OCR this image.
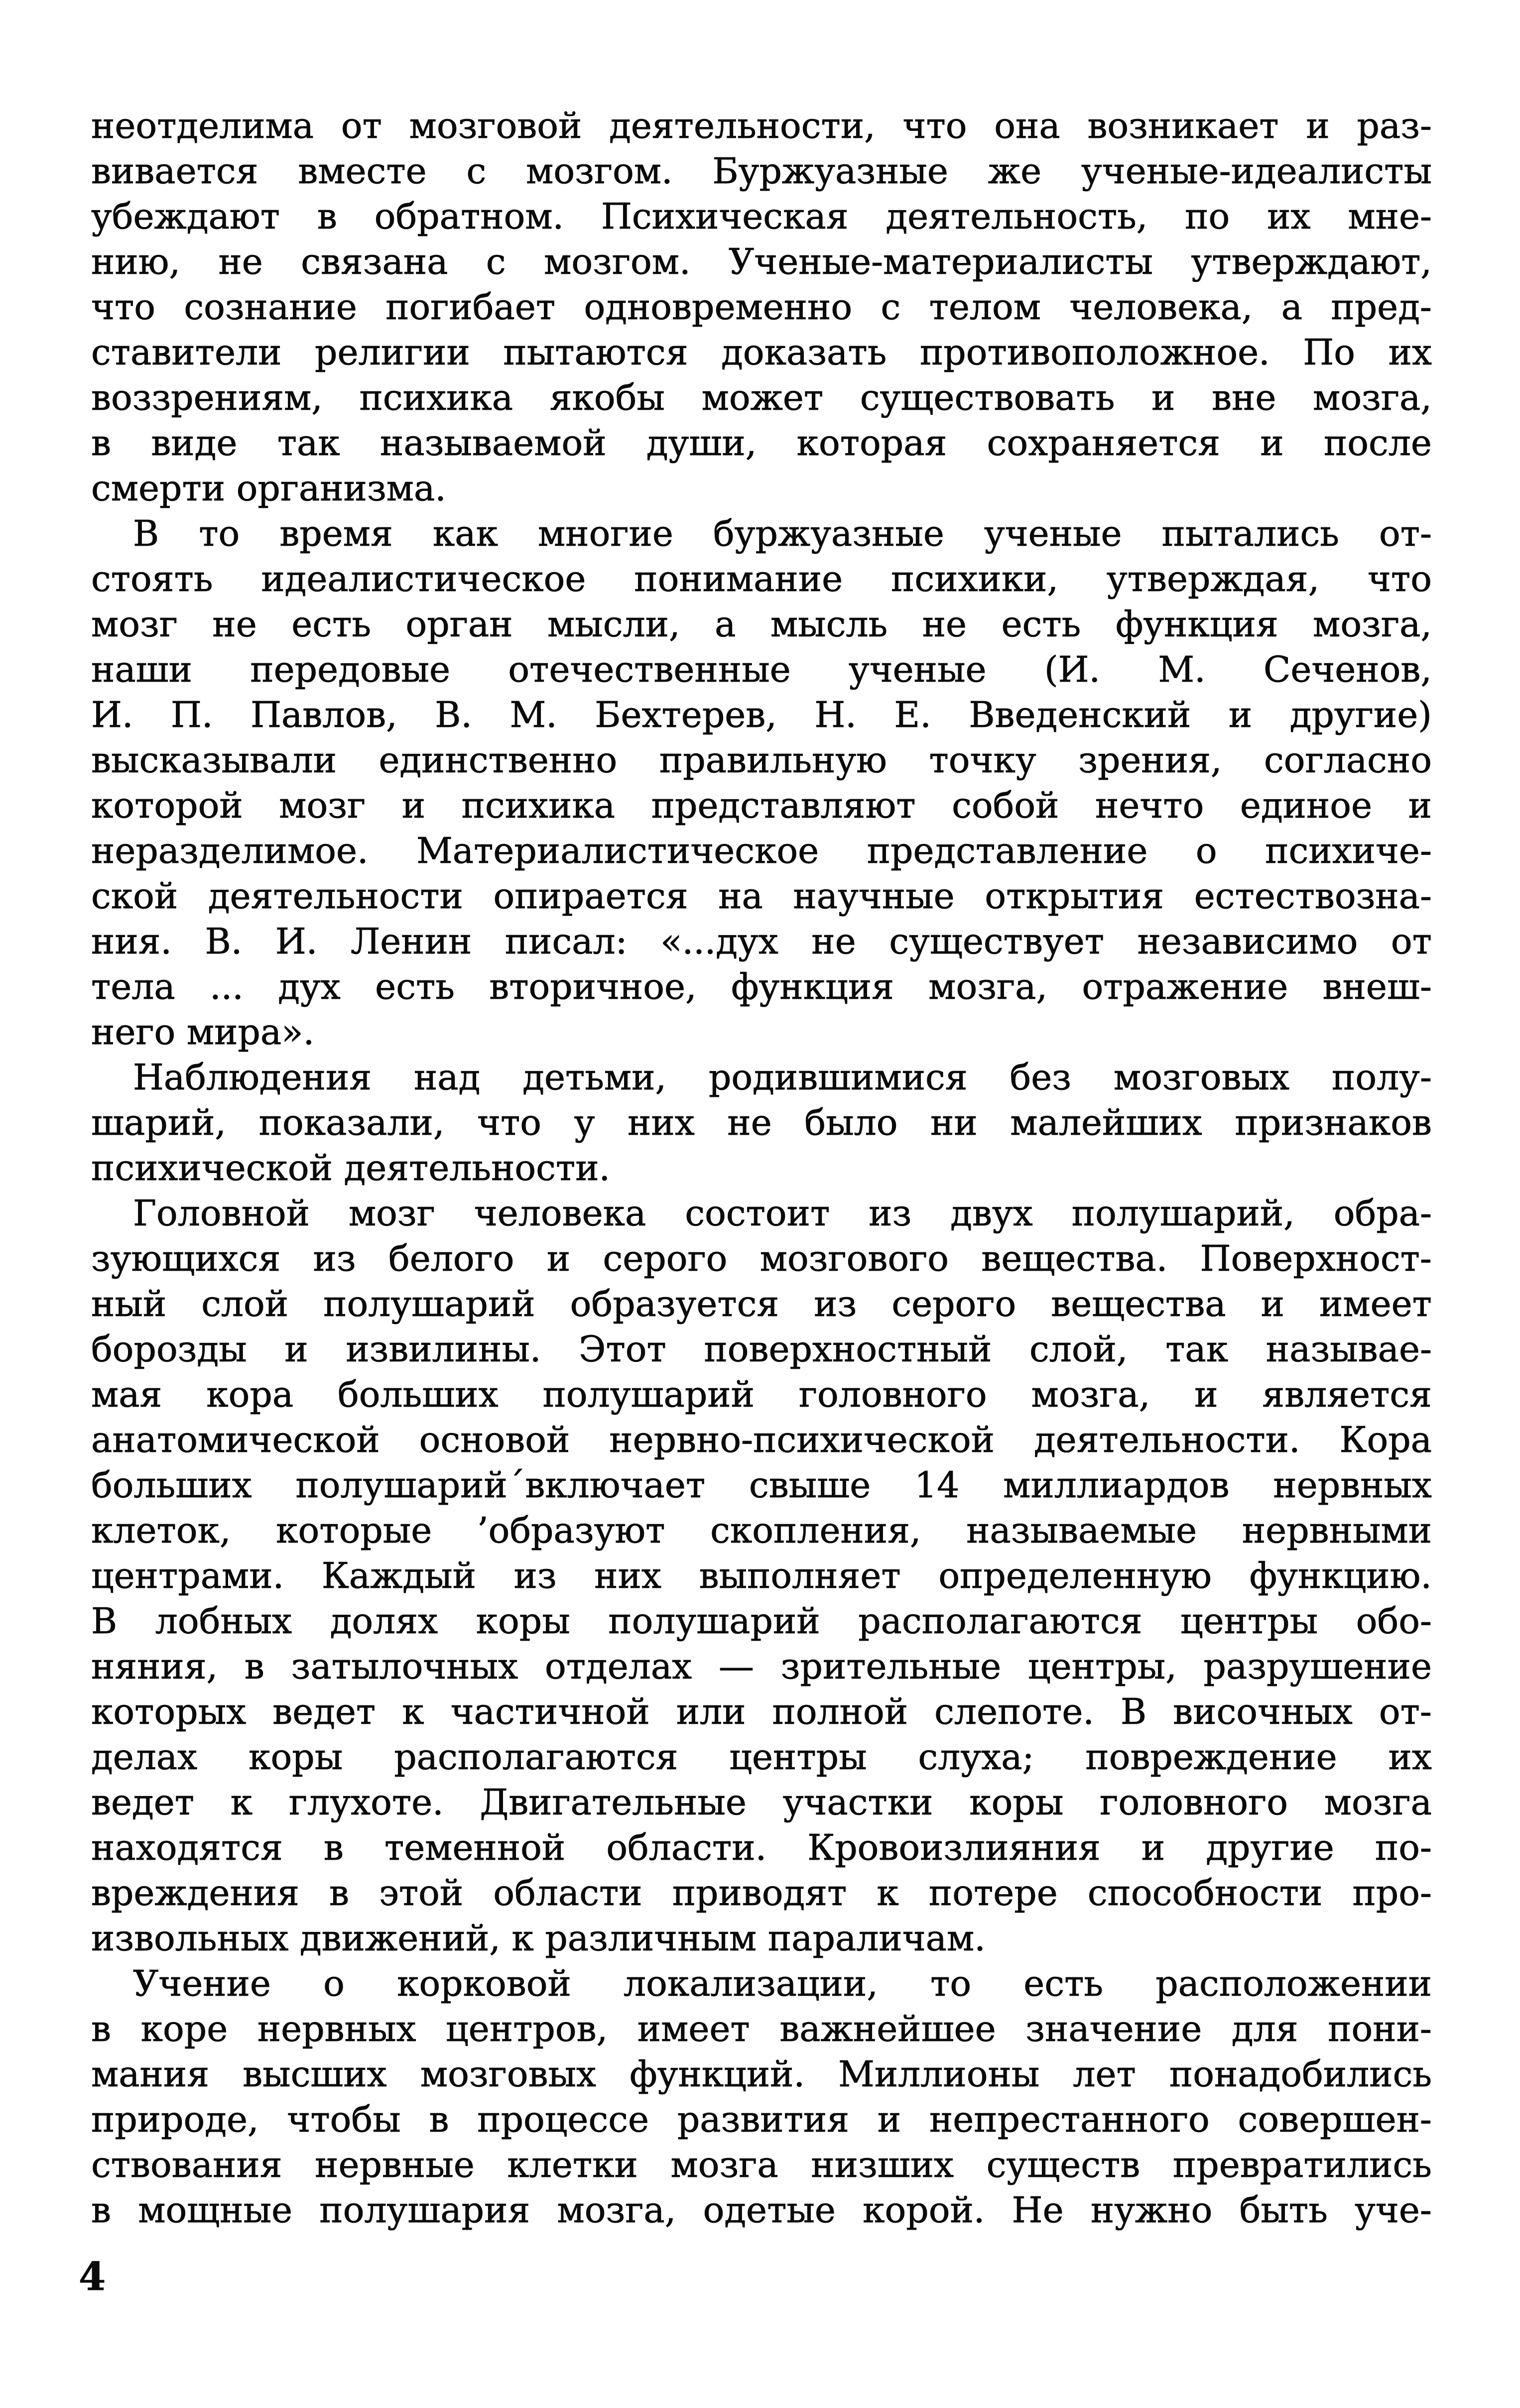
неотделима от мозговой деятельности, что она возникает и раз-
вивается вместе с мозгом. Буржуазные же ученые-идеалисты
убеждают в обратном. Психическая деятельность, по их мне-
нию, не связана с мозгом. Ученые-материалисты утверждают,
что сознание погибает одновременно с телом человека, а пред-
ставители религии пытаются доказать противоположное. По их
воззрениям, психика якобы может существовать и вне мозга,
в виде так называемой души, которая сохраняется и после
смерти организма.
В то время как многие буржуазные ученые пытались от-
стоять идеалистическое понимание психики, утверждая, что
мозг не есть орган мысли, а мысль не есть функция мозга,
наши передовые отечественные ученые (И. М. Сеченов,
И. П. Павлов, В. М. Бехтерев, Н. Е. Введенский и другие)
высказывали единственно правильную точку зрения, согласно
которой мозг и психика представляют собой нечто единое и
неразделимое. Материалистическое представление о психиче-
ской деятельности опирается на научные открытия естествозна-
ния. В. И. Ленин писал: «...дух не существует независимо от
тела ... дух есть вторичное, функция мозга, отражение внеш-
него мира».
Наблюдения над детьми, родившимися без мозговых полу-
шарий, показали, что у них не было ни малейших признаков
психической деятельности.
Головной мозг человека состоит из двух полушарий, обра-
зующихся из белого и серого мозгового вещества. Поверхност-
ный слой полушарий образуется из серого вещества и имеет
борозды и извилины. Этот поверхностный слой, так называе-
мая кора больших полушарий головного мозга, и является
анатомической основой нервно-психической деятельности. Кора
больших полушарий´включает свыше 14 миллиардов нервных
клеток, которые ’образуют скопления, называемые нервными
центрами. Каждый из них выполняет определенную функцию.
В лобных долях коры полушарий располагаются центры обо-
няния, в затылочных отделах — зрительные центры, разрушение
которых ведет к частичной или полной слепоте. В височных от-
делах коры располагаются центры слуха; повреждение их
ведет к глухоте. Двигательные участки коры головного мозга
находятся в теменной области. Кровоизлияния и другие по-
вреждения в этой области приводят к потере способности про-
извольных движений, к различным параличам.
Учение о корковой локализации, то есть расположении
в коре нервных центров, имеет важнейшее значение для пони-
мания высших мозговых функций. Миллионы лет понадобились
природе, чтобы в процессе развития и непрестанного совершен-
ствования нервные клетки мозга низших существ превратились
в мощные полушария мозга, одетые корой. Не нужно быть уче-
4
